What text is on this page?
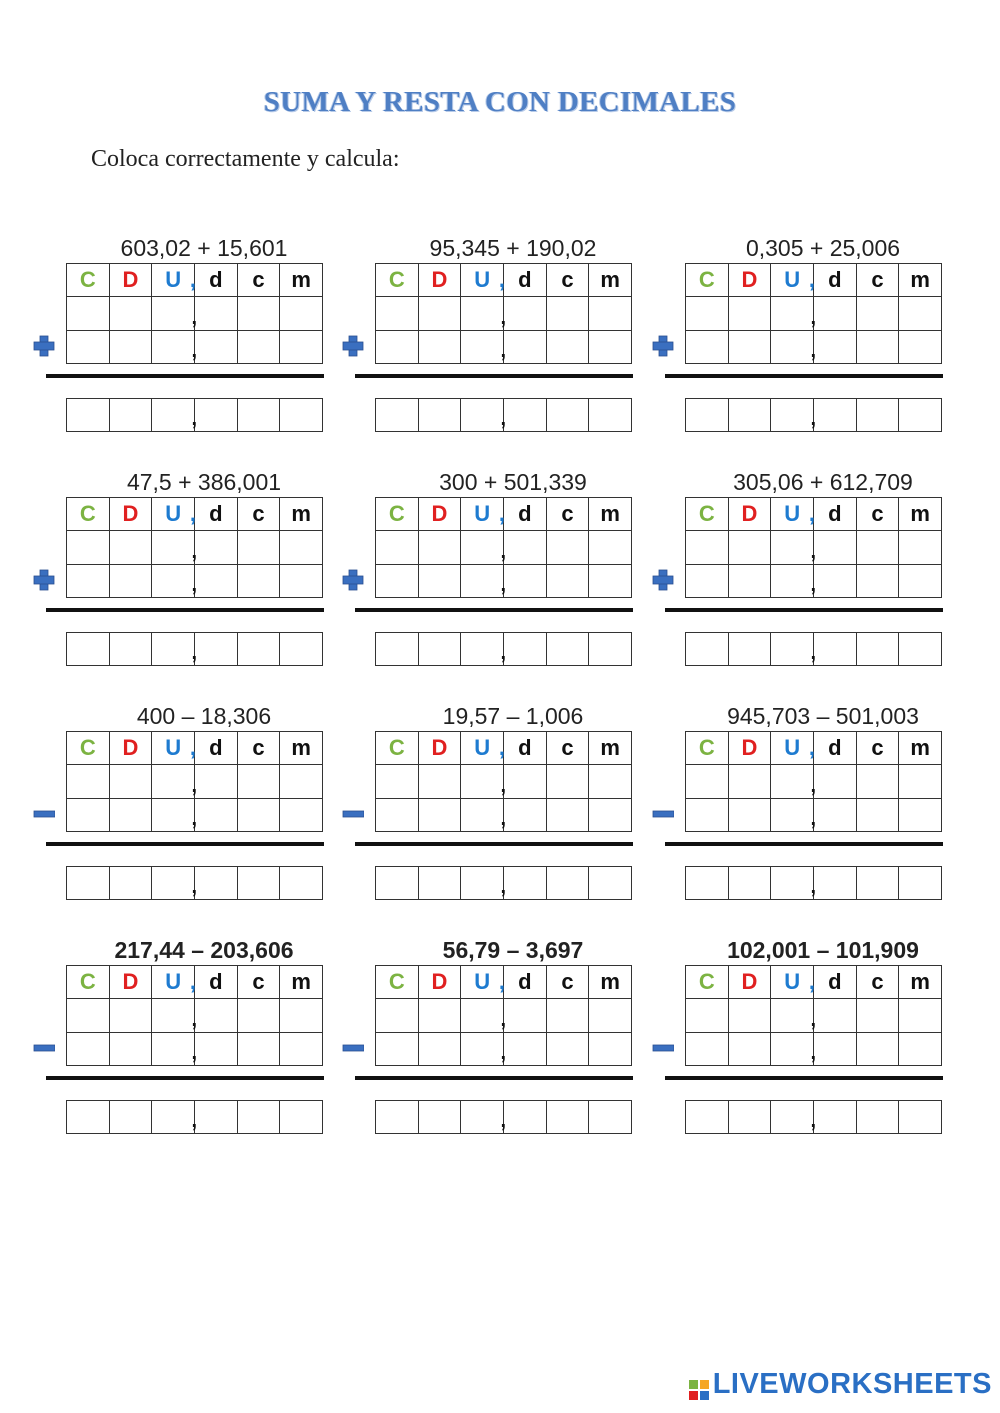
SUMA Y RESTA CON DECIMALES
Coloca correctamente y calcula:
603,02 + 15,601
C D U , d c m
,
,
,
95,345 + 190,02
C D U , d c m
,
,
,
0,305 + 25,006
C D U , d c m
,
,
,
47,5 + 386,001
C D U , d c m
,
,
,
300 + 501,339
C D U , d c m
,
,
,
305,06 + 612,709
C D U , d c m
,
,
,
400 – 18,306
C D U , d c m
,
,
,
19,57 – 1,006
C D U , d c m
,
,
,
945,703 – 501,003
C D U , d c m
,
,
,
217,44 – 203,606
C D U , d c m
,
,
,
56,79 – 3,697
C D U , d c m
,
,
,
102,001 – 101,909
C D U , d c m
,
,
,
LIVEWORKSHEETS
